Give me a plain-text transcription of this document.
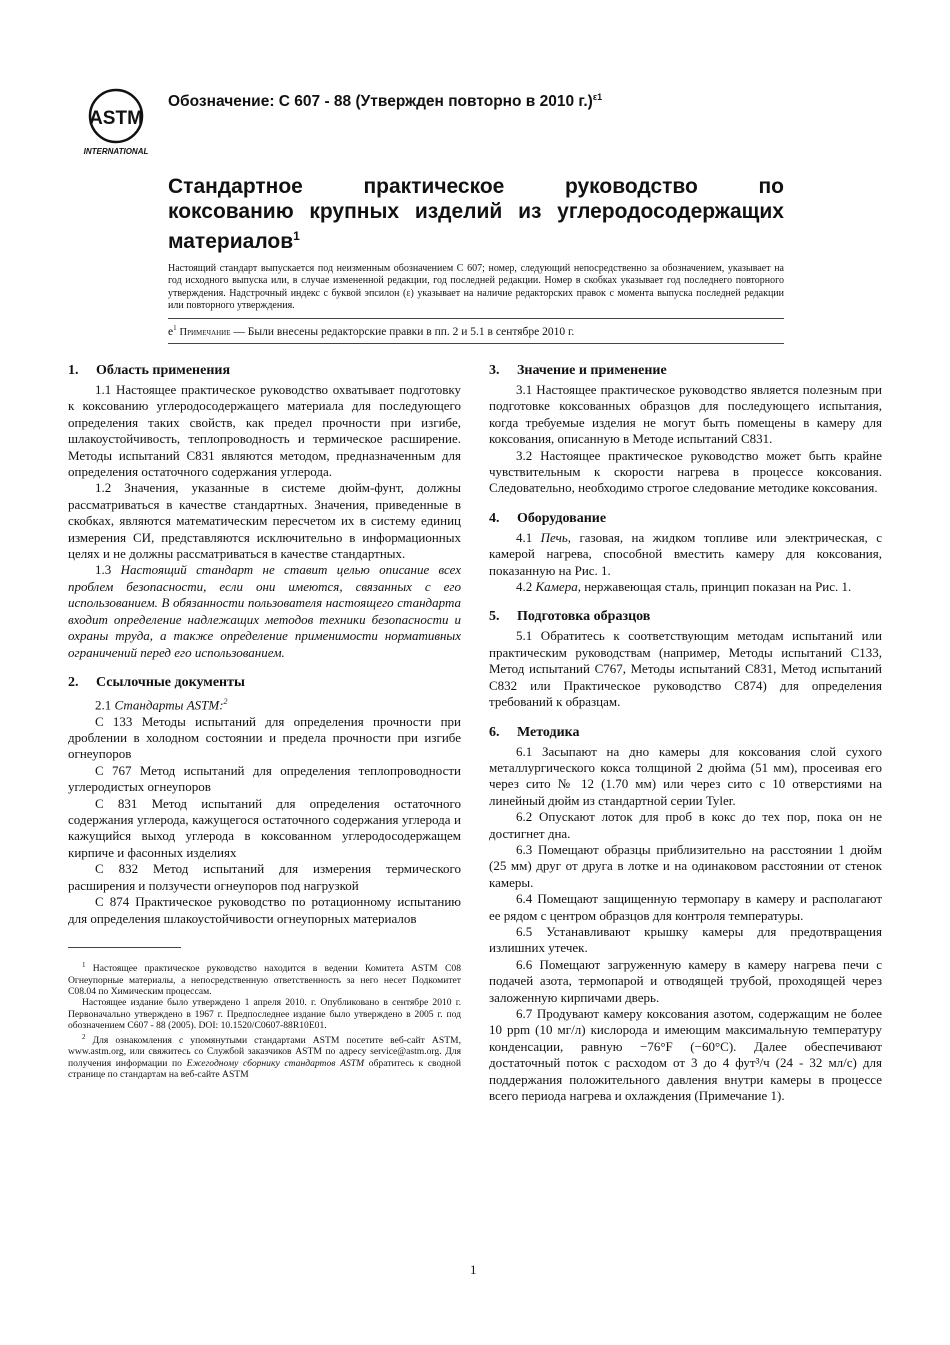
ASTM
INTERNATIONAL
Обозначение: C 607 - 88 (Утвержден повторно в 2010 г.)$^{\varepsilon 1}$
Стандартное практическое руководство по
коксованию крупных изделий из углеродосодержащих
материалов$^1$
Настоящий стандарт выпускается под неизменным обозначением C 607; номер, следующий непосредственно за обозначением, указывает на год исходного выпуска или, в случае измененной редакции, год последней редакции. Номер в скобках указывает год последнего повторного утверждения. Надстрочный индекс с буквой эпсилон (ε) указывает на наличие редакторских правок с момента выпуска последней редакции или повторного утверждения.
$e^1$ Примечание — Были внесены редакторские правки в пп. 2 и 5.1 в сентябре 2010 г.
1. Область применения

1.1 Настоящее практическое руководство охватывает подготовку к коксованию углеродосодержащего материала для последующего определения таких свойств, как предел прочности при изгибе, шлакоустойчивость, теплопроводность и термическое расширение. Методы испытаний C831 являются методом, предназначенным для определения остаточного содержания углерода.

1.2 Значения, указанные в системе дюйм-фунт, должны рассматриваться в качестве стандартных. Значения, приведенные в скобках, являются математическим пересчетом их в систему единиц измерения СИ, представляются исключительно в информационных целях и не должны рассматриваться в качестве стандартных.

1.3 Настоящий стандарт не ставит целью описание всех проблем безопасности, если они имеются, связанных с его использованием. В обязанности пользователя настоящего стандарта входит определение надлежащих методов техники безопасности и охраны труда, а также определение применимости нормативных ограничений перед его использованием.

2. Ссылочные документы

2.1 Стандарты ASTM:$^2$

C 133 Методы испытаний для определения прочности при дроблении в холодном состоянии и предела прочности при изгибе огнеупоров

C 767 Метод испытаний для определения теплопроводности углеродистых огнеупоров

C 831 Метод испытаний для определения остаточного содержания углерода, кажущегося остаточного содержания углерода и кажущийся выход углерода в коксованном углеродосодержащем кирпиче и фасонных изделиях

C 832 Метод испытаний для измерения термического расширения и ползучести огнеупоров под нагрузкой

C 874 Практическое руководство по ротационному испытанию для определения шлакоустойчивости огнеупорных материалов

$^1$ Настоящее практическое руководство находится в ведении Комитета ASTM C08 Огнеупорные материалы, а непосредственную ответственность за него несет Подкомитет C08.04 по Химическим процессам.

Настоящее издание было утверждено 1 апреля 2010. г. Опубликовано в сентябре 2010 г. Первоначально утверждено в 1967 г. Предпоследнее издание было утверждено в 2005 г. под обозначением C607 - 88 (2005). DOI: 10.1520/C0607-88R10E01.

$^2$ Для ознакомления с упомянутыми стандартами ASTM посетите веб-сайт ASTM, www.astm.org, или свяжитесь со Службой заказчиков ASTM по адресу service@astm.org. Для получения информации по Ежегодному сборнику стандартов ASTM обратитесь к сводной странице по стандартам на веб-сайте ASTM

3. Значение и применение

3.1 Настоящее практическое руководство является полезным при подготовке коксованных образцов для последующего испытания, когда требуемые изделия не могут быть помещены в камеру для коксования, описанную в Методе испытаний C831.

3.2 Настоящее практическое руководство может быть крайне чувствительным к скорости нагрева в процессе коксования. Следовательно, необходимо строгое следование методике коксования.

4. Оборудование

4.1 Печь, газовая, на жидком топливе или электрическая, с камерой нагрева, способной вместить камеру для коксования, показанную на Рис. 1.

4.2 Камера, нержавеющая сталь, принцип показан на Рис. 1.

5. Подготовка образцов

5.1 Обратитесь к соответствующим методам испытаний или практическим руководствам (например, Методы испытаний C133, Метод испытаний C767, Методы испытаний C831, Метод испытаний C832 или Практическое руководство C874) для определения требований к образцам.

6. Методика

6.1 Засыпают на дно камеры для коксования слой сухого металлургического кокса толщиной 2 дюйма (51 мм), просеивая его через сито № 12 (1.70 мм) или через сито с 10 отверстиями на линейный дюйм из стандартной серии Tyler.

6.2 Опускают лоток для проб в кокс до тех пор, пока он не достигнет дна.

6.3 Помещают образцы приблизительно на расстоянии 1 дюйм (25 мм) друг от друга в лотке и на одинаковом расстоянии от стенок камеры.

6.4 Помещают защищенную термопару в камеру и располагают ее рядом с центром образцов для контроля температуры.

6.5 Устанавливают крышку камеры для предотвращения излишних утечек.

6.6 Помещают загруженную камеру в камеру нагрева печи с подачей азота, термопарой и отводящей трубой, проходящей через заложенную кирпичами дверь.

6.7 Продувают камеру коксования азотом, содержащим не более 10 ppm (10 мг/л) кислорода и имеющим максимальную температуру конденсации, равную −76°F (−60°C). Далее обеспечивают достаточный поток с расходом от 3 до 4 фут³/ч (24 - 32 мл/с) для поддержания положительного давления внутри камеры в процессе всего периода нагрева и охлаждения (Примечание 1).

1
